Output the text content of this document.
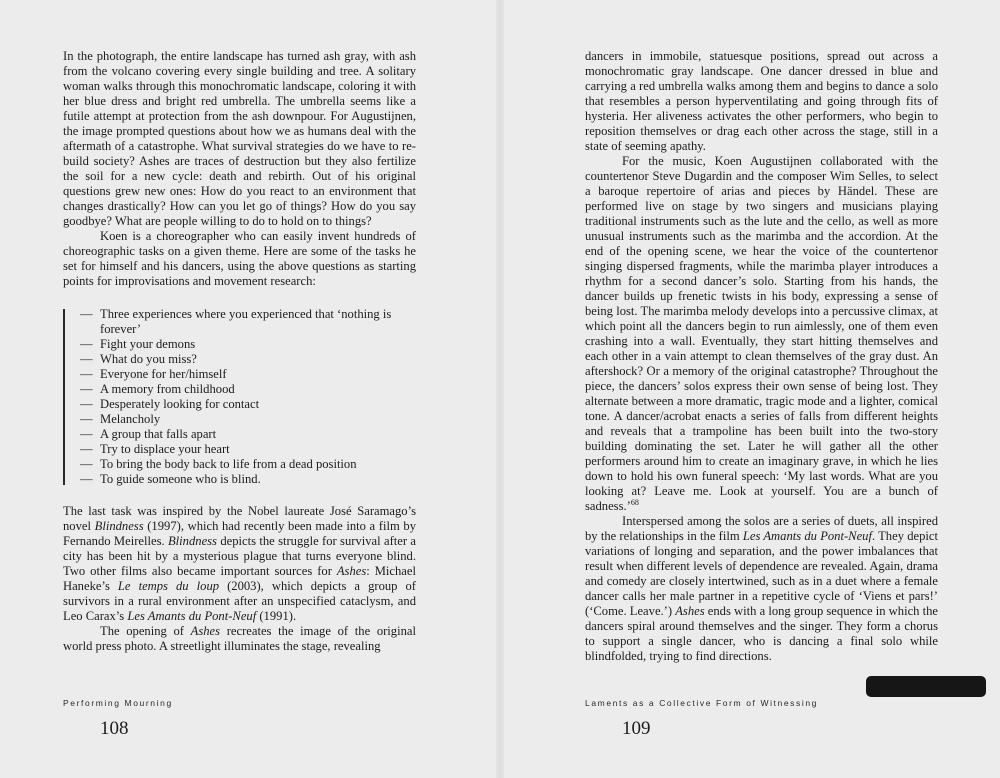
In the photograph, the entire landscape has turned ash gray, with ash from the volcano covering every single building and tree. A solitary woman walks through this monochromatic landscape, coloring it with her blue dress and bright red umbrella. The umbrella seems like a futile attempt at protection from the ash downpour. For Augustijnen, the image prompted questions about how we as humans deal with the aftermath of a catastrophe. What survival strategies do we have to re-build society? Ashes are traces of destruction but they also fertilize the soil for a new cycle: death and rebirth. Out of his original questions grew new ones: How do you react to an environment that changes drastically? How can you let go of things? How do you say goodbye? What are people willing to do to hold on to things?

Koen is a choreographer who can easily invent hundreds of choreographic tasks on a given theme. Here are some of the tasks he set for himself and his dancers, using the above questions as starting points for improvisations and movement research:

— Three experiences where you experienced that ‘nothing is forever’
— Fight your demons
— What do you miss?
— Everyone for her/himself
— A memory from childhood
— Desperately looking for contact
— Melancholy
— A group that falls apart
— Try to displace your heart
— To bring the body back to life from a dead position
— To guide someone who is blind.

The last task was inspired by the Nobel laureate José Saramago’s novel Blindness (1997), which had recently been made into a film by Fernando Meirelles. Blindness depicts the struggle for survival after a city has been hit by a mysterious plague that turns everyone blind. Two other films also became important sources for Ashes: Michael Haneke’s Le temps du loup (2003), which depicts a group of survivors in a rural environment after an unspecified cataclysm, and Leo Carax’s Les Amants du Pont-Neuf (1991).

The opening of Ashes recreates the image of the original world press photo. A streetlight illuminates the stage, revealing

Performing Mourning
108

dancers in immobile, statuesque positions, spread out across a monochromatic gray landscape. One dancer dressed in blue and carrying a red umbrella walks among them and begins to dance a solo that resembles a person hyperventilating and going through fits of hysteria. Her aliveness activates the other performers, who begin to reposition themselves or drag each other across the stage, still in a state of seeming apathy.

For the music, Koen Augustijnen collaborated with the countertenor Steve Dugardin and the composer Wim Selles, to select a baroque repertoire of arias and pieces by Händel. These are performed live on stage by two singers and musicians playing traditional instruments such as the lute and the cello, as well as more unusual instruments such as the marimba and the accordion. At the end of the opening scene, we hear the voice of the countertenor singing dispersed fragments, while the marimba player introduces a rhythm for a second dancer’s solo. Starting from his hands, the dancer builds up frenetic twists in his body, expressing a sense of being lost. The marimba melody develops into a percussive climax, at which point all the dancers begin to run aimlessly, one of them even crashing into a wall. Eventually, they start hitting themselves and each other in a vain attempt to clean themselves of the gray dust. An aftershock? Or a memory of the original catastrophe? Throughout the piece, the dancers’ solos express their own sense of being lost. They alternate between a more dramatic, tragic mode and a lighter, comical tone. A dancer/acrobat enacts a series of falls from different heights and reveals that a trampoline has been built into the two-story building dominating the set. Later he will gather all the other performers around him to create an imaginary grave, in which he lies down to hold his own funeral speech: ‘My last words. What are you looking at? Leave me. Look at yourself. You are a bunch of sadness.’$^{68}$

Interspersed among the solos are a series of duets, all inspired by the relationships in the film Les Amants du Pont-Neuf. They depict variations of longing and separation, and the power imbalances that result when different levels of dependence are revealed. Again, drama and comedy are closely intertwined, such as in a duet where a female dancer calls her male partner in a repetitive cycle of ‘Viens et pars!’ (‘Come. Leave.’) Ashes ends with a long group sequence in which the dancers spiral around themselves and the singer. They form a chorus to support a single dancer, who is dancing a final solo while blindfolded, trying to find directions.

Laments as a Collective Form of Witnessing
109
